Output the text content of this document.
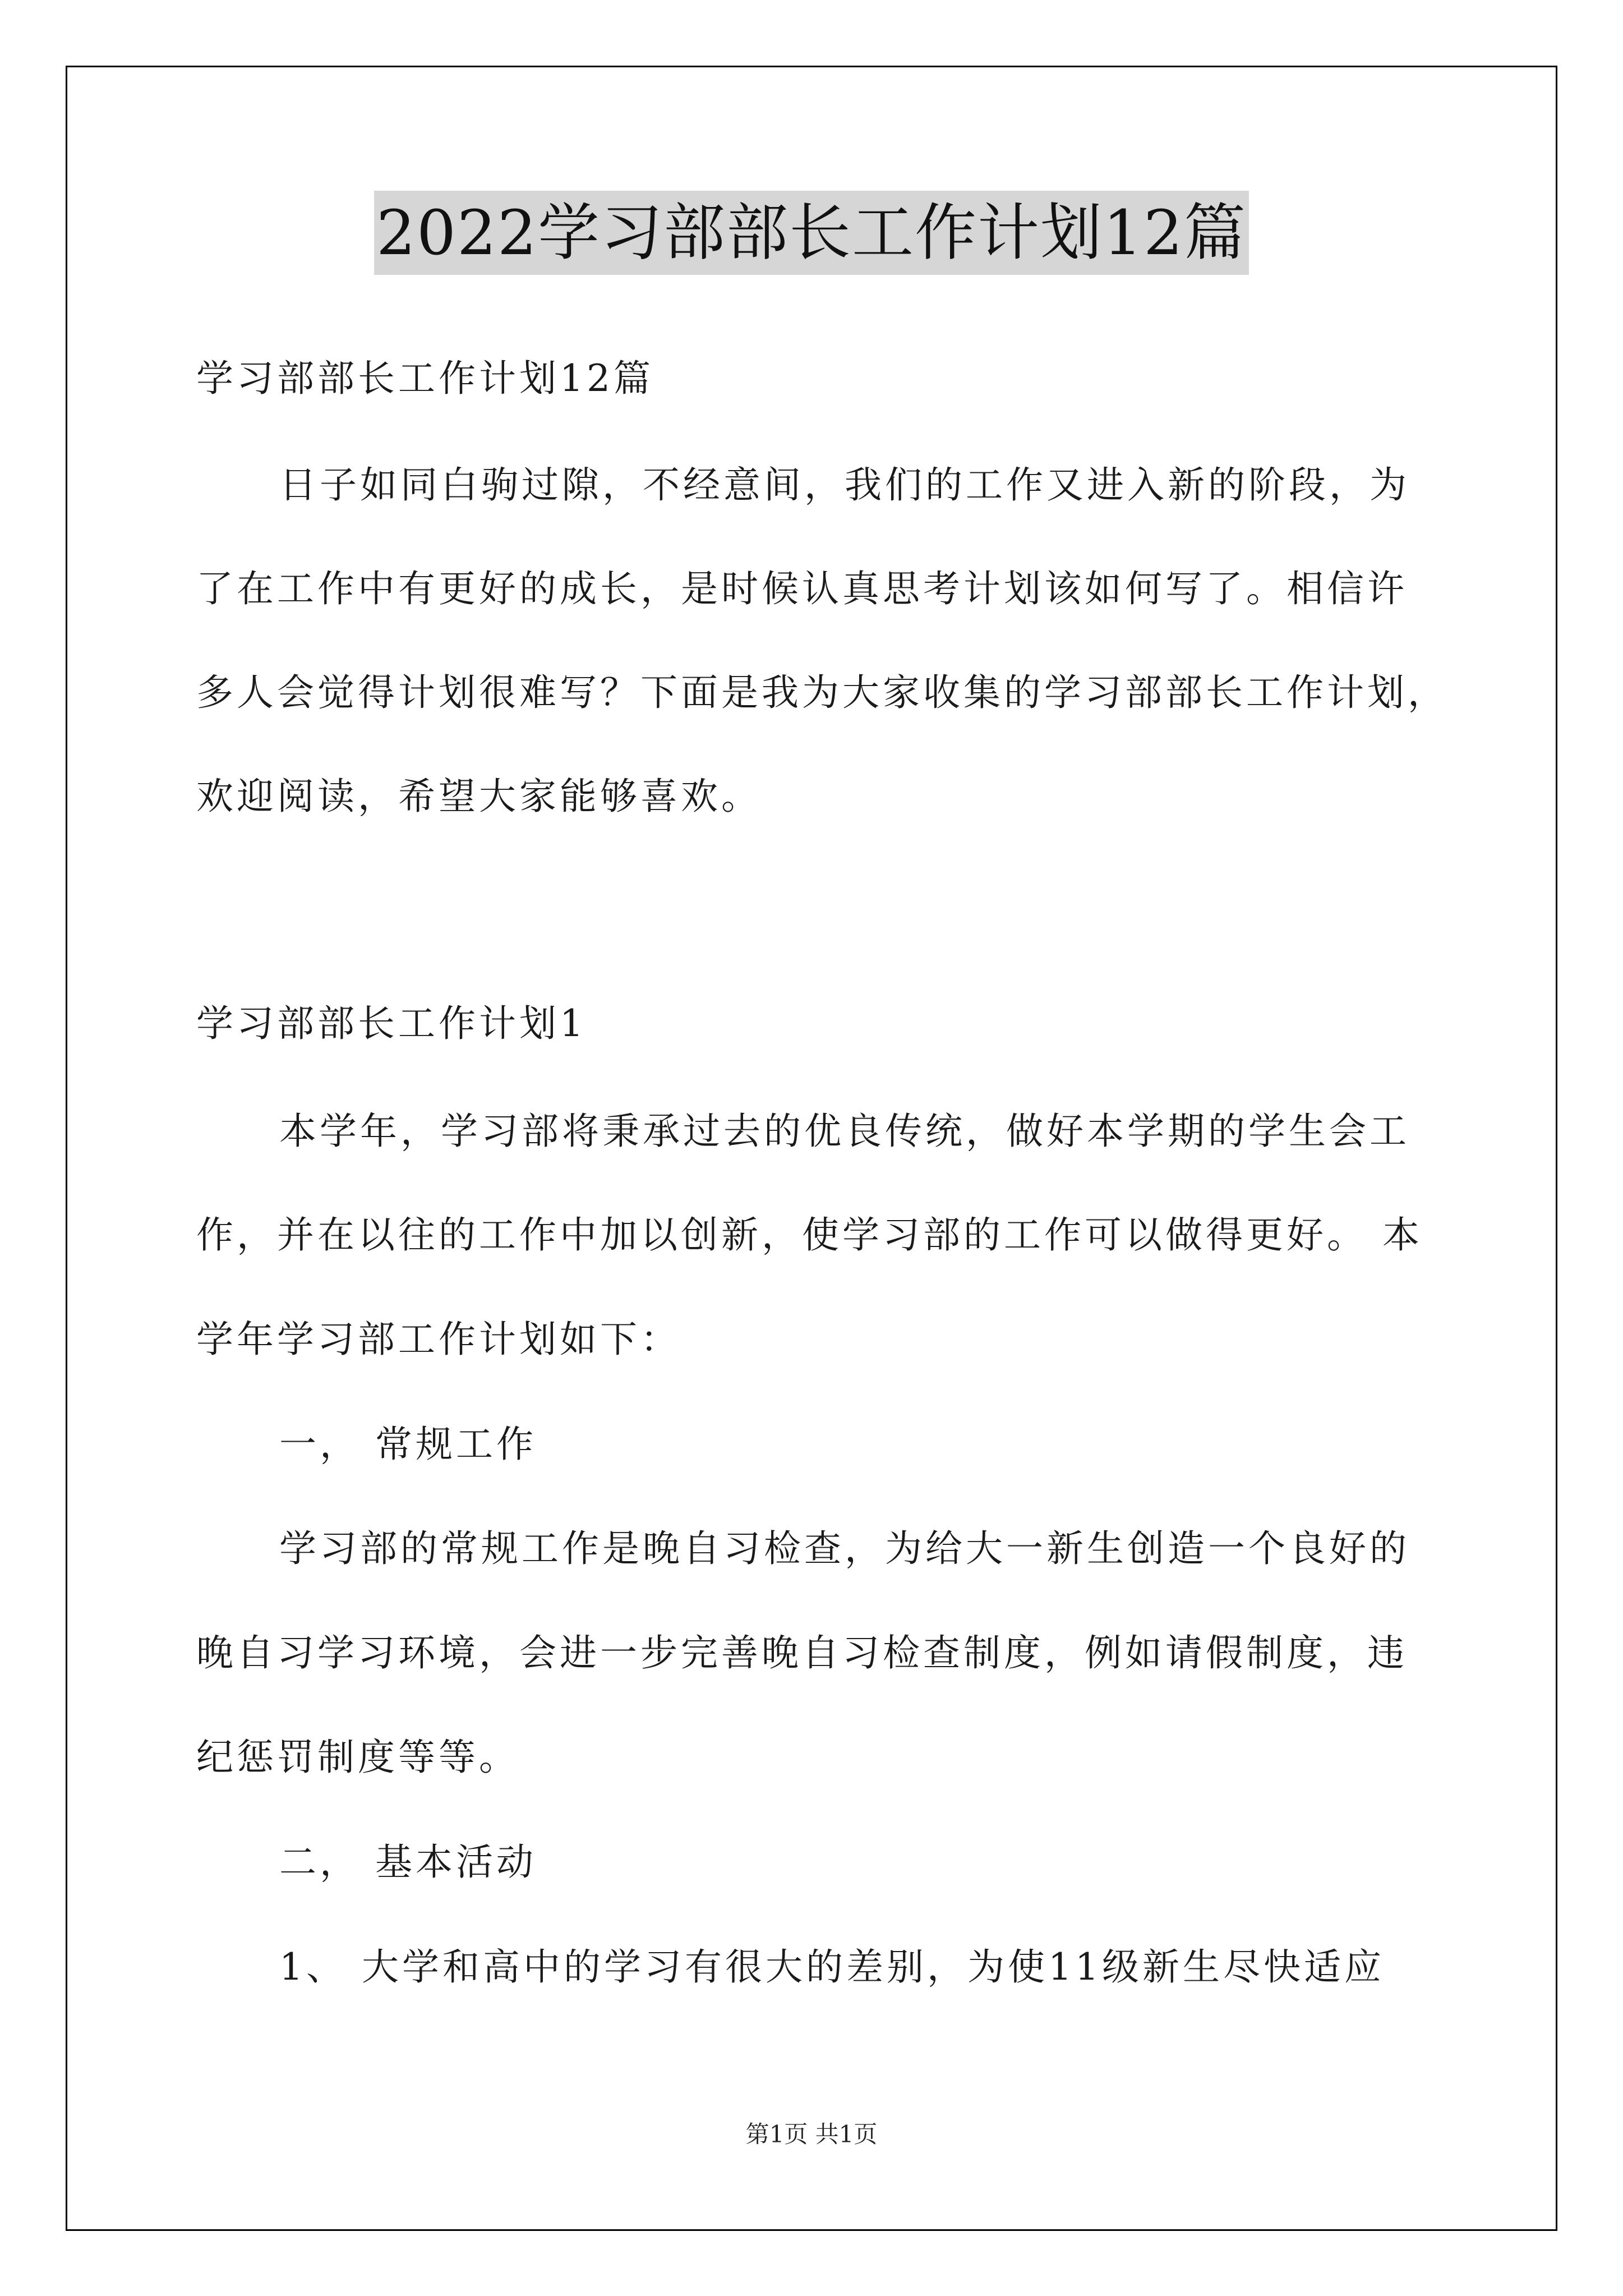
2022学习部部长工作计划12篇
学习部部长工作计划12篇
日子如同白驹过隙，不经意间，我们的工作又进入新的阶段，为
了在工作中有更好的成长，是时候认真思考计划该如何写了。相信许
多人会觉得计划很难写？下面是我为大家收集的学习部部长工作计划，
欢迎阅读，希望大家能够喜欢。
学习部部长工作计划1
本学年，学习部将秉承过去的优良传统，做好本学期的学生会工
作，并在以往的工作中加以创新，使学习部的工作可以做得更好。 本
学年学习部工作计划如下：
一， 常规工作
学习部的常规工作是晚自习检查，为给大一新生创造一个良好的
晚自习学习环境，会进一步完善晚自习检查制度，例如请假制度，违
纪惩罚制度等等。
二， 基本活动
1、 大学和高中的学习有很大的差别，为使11级新生尽快适应
第1页 共1页
